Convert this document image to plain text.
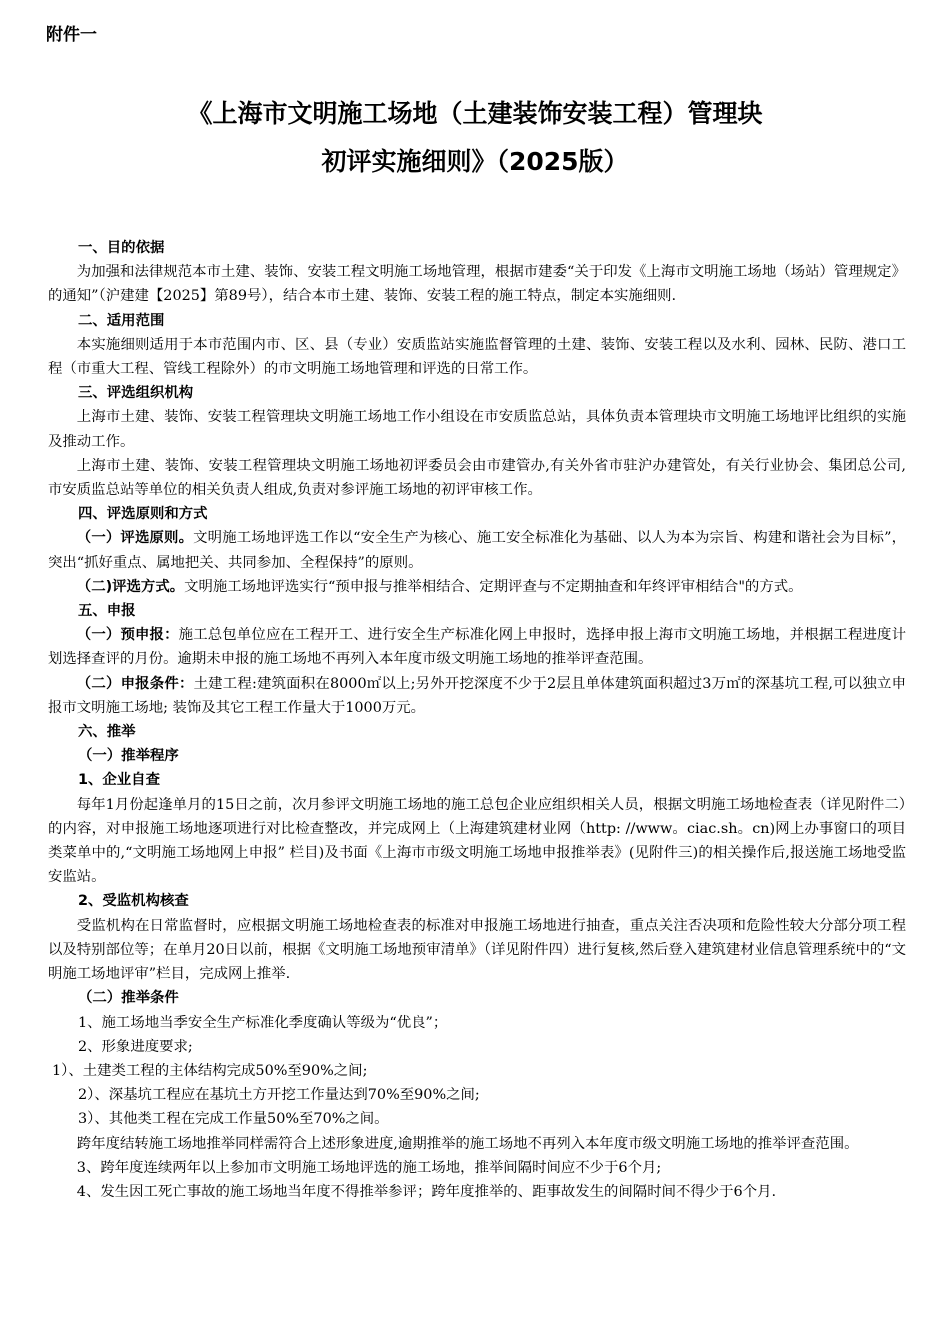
附件一
《上海市文明施工场地（土建装饰安装工程）管理块
初评实施细则》（2025版）

一、目的依据

为加强和法律规范本市土建、装饰、安装工程文明施工场地管理，根据市建委“关于印发《上海市文明施工场地（场站）管理规定》的通知”（沪建建【2025】第89号），结合本市土建、装饰、安装工程的施工特点，制定本实施细则.

二、适用范围

本实施细则适用于本市范围内市、区、县（专业）安质监站实施监督管理的土建、装饰、安装工程以及水利、园林、民防、港口工程（市重大工程、管线工程除外）的市文明施工场地管理和评选的日常工作。

三、评选组织机构

上海市土建、装饰、安装工程管理块文明施工场地工作小组设在市安质监总站，具体负责本管理块市文明施工场地评比组织的实施及推动工作。

上海市土建、装饰、安装工程管理块文明施工场地初评委员会由市建管办,有关外省市驻沪办建管处，有关行业协会、集团总公司,市安质监总站等单位的相关负责人组成,负责对参评施工场地的初评审核工作。

四、评选原则和方式

（一）评选原则。文明施工场地评选工作以“安全生产为核心、施工安全标准化为基础、以人为本为宗旨、构建和谐社会为目标”，突出“抓好重点、属地把关、共同参加、全程保持”的原则。

（二)评选方式。文明施工场地评选实行“预申报与推举相结合、定期评查与不定期抽查和年终评审相结合"的方式。

五、申报

（一）预申报：施工总包单位应在工程开工、进行安全生产标准化网上申报时，选择申报上海市文明施工场地，并根据工程进度计划选择查评的月份。逾期未申报的施工场地不再列入本年度市级文明施工场地的推举评查范围。

（二）申报条件：土建工程:建筑面积在8000㎡以上;另外开挖深度不少于2层且单体建筑面积超过3万㎡的深基坑工程,可以独立申报市文明施工场地; 装饰及其它工程工作量大于1000万元。

六、推举

（一）推举程序

1、企业自查

每年1月份起逢单月的15日之前，次月参评文明施工场地的施工总包企业应组织相关人员，根据文明施工场地检查表（详见附件二）的内容，对申报施工场地逐项进行对比检查整改，并完成网上（上海建筑建材业网（http: //www。ciac.sh。cn)网上办事窗口的项目类菜单中的,“文明施工场地网上申报” 栏目)及书面《上海市市级文明施工场地申报推举表》(见附件三)的相关操作后,报送施工场地受监安监站。

2、受监机构核查

受监机构在日常监督时，应根据文明施工场地检查表的标准对申报施工场地进行抽查，重点关注否决项和危险性较大分部分项工程以及特别部位等；在单月20日以前，根据《文明施工场地预审清单》（详见附件四）进行复核,然后登入建筑建材业信息管理系统中的“文明施工场地评审”栏目，完成网上推举.

（二）推举条件

1、施工场地当季安全生产标准化季度确认等级为“优良”；

2、形象进度要求;

1）、土建类工程的主体结构完成50%至90%之间;

2）、深基坑工程应在基坑土方开挖工作量达到70%至90%之间;

3）、其他类工程在完成工作量50%至70%之间。

跨年度结转施工场地推举同样需符合上述形象进度,逾期推举的施工场地不再列入本年度市级文明施工场地的推举评查范围。

3、跨年度连续两年以上参加市文明施工场地评选的施工场地，推举间隔时间应不少于6个月;

4、发生因工死亡事故的施工场地当年度不得推举参评；跨年度推举的、距事故发生的间隔时间不得少于6个月.
